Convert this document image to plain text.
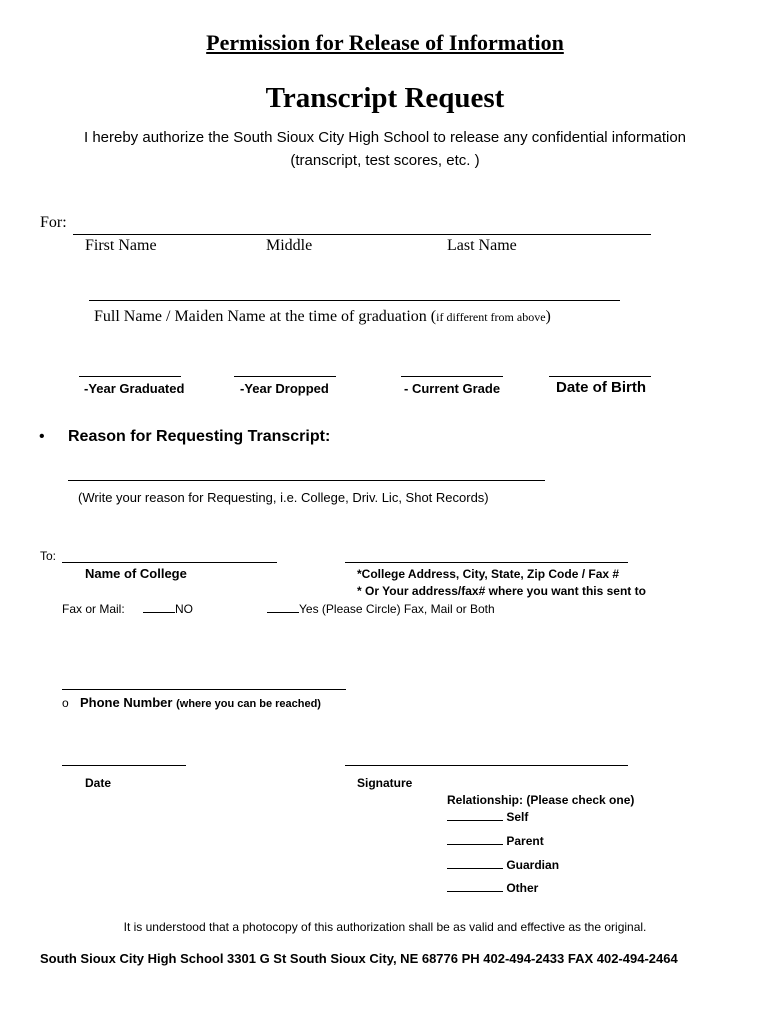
Permission for Release of Information
Transcript Request
I hereby authorize the South Sioux City High School to release any confidential information
(transcript, test scores, etc. )
For:
First Name	Middle	Last Name
Full Name / Maiden Name at the time of graduation (if different from above)
-Year Graduated	-Year Dropped	- Current Grade	Date of Birth
• Reason for Requesting Transcript:
(Write your reason for Requesting, i.e. College, Driv. Lic, Shot Records)
To:
Name of College	*College Address, City, State, Zip Code / Fax #
* Or Your address/fax# where you want this sent to
Fax or Mail:	NO	Yes (Please Circle) Fax, Mail or Both
o Phone Number (where you can be reached)
Date	Signature
Relationship: (Please check one)
Self
Parent
Guardian
Other
It is understood that a photocopy of this authorization shall be as valid and effective as the original.
South Sioux City High School 3301 G St South Sioux City, NE 68776 PH 402-494-2433 FAX 402-494-2464
